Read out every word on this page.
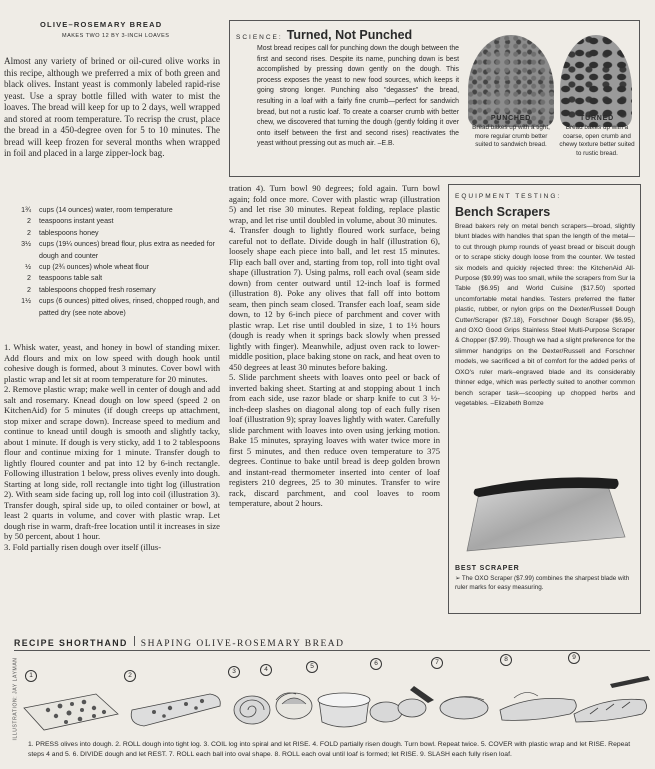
OLIVE–ROSEMARY BREAD
MAKES TWO 12 BY 3-INCH LOAVES

Almost any variety of brined or oil-cured olive works in this recipe, although we preferred a mix of both green and black olives. Instant yeast is commonly labeled rapid-rise yeast. Use a spray bottle filled with water to mist the loaves. The bread will keep for up to 2 days, well wrapped and stored at room temperature. To recrisp the crust, place the bread in a 450-degree oven for 5 to 10 minutes. The bread will keep frozen for several months when wrapped in foil and placed in a large zipper-lock bag.

1¾	cups (14 ounces) water, room temperature
2	teaspoons instant yeast
2	tablespoons honey
3½	cups (19¼ ounces) bread flour, plus extra as needed for dough and counter
½	cup (2¾ ounces) whole wheat flour
2	teaspoons table salt
2	tablespoons chopped fresh rosemary
1½	cups (6 ounces) pitted olives, rinsed, chopped rough, and patted dry (see note above)

1. Whisk water, yeast, and honey in bowl of standing mixer. Add flours and mix on low speed with dough hook until cohesive dough is formed, about 3 minutes. Cover bowl with plastic wrap and let sit at room temperature for 20 minutes.
2. Remove plastic wrap; make well in center of dough and add salt and rosemary. Knead dough on low speed (speed 2 on KitchenAid) for 5 minutes (if dough creeps up attachment, stop mixer and scrape down). Increase speed to medium and continue to knead until dough is smooth and slightly tacky, about 1 minute. If dough is very sticky, add 1 to 2 tablespoons flour and continue mixing for 1 minute. Transfer dough to lightly floured counter and pat into 12 by 6-inch rectangle. Following illustration 1 below, press olives evenly into dough. Starting at long side, roll rectangle into tight log (illustration 2). With seam side facing up, roll log into coil (illustration 3). Transfer dough, spiral side up, to oiled container or bowl, at least 2 quarts in volume, and cover with plastic wrap. Let dough rise in warm, draft-free location until it increases in size by 50 percent, about 1 hour.
3. Fold partially risen dough over itself (illus-

tration 4). Turn bowl 90 degrees; fold again. Turn bowl again; fold once more. Cover with plastic wrap (illustration 5) and let rise 30 minutes. Repeat folding, replace plastic wrap, and let rise until doubled in volume, about 30 minutes.
4. Transfer dough to lightly floured work surface, being careful not to deflate. Divide dough in half (illustration 6), loosely shape each piece into ball, and let rest 15 minutes. Flip each ball over and, starting from top, roll into tight oval shape (illustration 7). Using palms, roll each oval (seam side down) from center outward until 12-inch loaf is formed (illustration 8). Poke any olives that fall off into bottom seam, then pinch seam closed. Transfer each loaf, seam side down, to 12 by 6-inch piece of parchment and cover with plastic wrap. Let rise until doubled in size, 1 to 1½ hours (dough is ready when it springs back slowly when pressed lightly with finger). Meanwhile, adjust oven rack to lower-middle position, place baking stone on rack, and heat oven to 450 degrees at least 30 minutes before baking.
5. Slide parchment sheets with loaves onto peel or back of inverted baking sheet. Starting at and stopping about 1 inch from each side, use razor blade or sharp knife to cut 3 ½-inch-deep slashes on diagonal along top of each fully risen loaf (illustration 9); spray loaves lightly with water. Carefully slide parchment with loaves into oven using jerking motion. Bake 15 minutes, spraying loaves with water twice more in first 5 minutes, and then reduce oven temperature to 375 degrees. Continue to bake until bread is deep golden brown and instant-read thermometer inserted into center of loaf registers 210 degrees, 25 to 30 minutes. Transfer to wire rack, discard parchment, and cool loaves to room temperature, about 2 hours.

SCIENCE: Turned, Not Punched

Most bread recipes call for punching down the dough between the first and second rises. Despite its name, punching down is best accomplished by pressing down gently on the dough. This process exposes the yeast to new food sources, which keeps it going strong longer. Punching also "degasses" the bread, resulting in a loaf with a fairly fine crumb—perfect for sandwich bread, but not a rustic loaf. To create a coarser crumb with better chew, we discovered that turning the dough (gently folding it over onto itself between the first and second rises) reactivates the yeast without pressing out as much air. –E.B.

PUNCHED
Bread bakes up with a tight, more regular crumb better suited to sandwich bread.
TURNED
Bread bakes up with a coarse, open crumb and chewy texture better suited to rustic bread.
EQUIPMENT TESTING:
Bench Scrapers

Bread bakers rely on metal bench scrapers—broad, slightly blunt blades with handles that span the length of the metal—to cut through plump rounds of yeast bread or biscuit dough or to scrape sticky dough loose from the counter. We tested six models and quickly rejected three: the KitchenAid All-Purpose ($9.99) was too small, while the scrapers from Sur la Table ($6.95) and World Cuisine ($17.50) sported uncomfortable metal handles. Testers preferred the flatter plastic, rubber, or nylon grips on the Dexter/Russell Dough Cutter/Scraper ($7.18), Forschner Dough Scraper ($6.95), and OXO Good Grips Stainless Steel Multi-Purpose Scraper & Chopper ($7.99). Though we had a slight preference for the slimmer handgrips on the Dexter/Russell and Forschner models, we sacrificed a bit of comfort for the added perks of OXO's ruler mark–engraved blade and its considerably thinner edge, which was perfectly suited to another common bench scraper task—scooping up chopped herbs and vegetables. –Elizabeth Bomze

BEST SCRAPER
➢ The OXO Scraper ($7.99) combines the sharpest blade with ruler marks for easy measuring.
RECIPE SHORTHAND SHAPING OLIVE-ROSEMARY BREAD
1	2
3	4	5	6	7	8	9

1. PRESS olives into dough. 2. ROLL dough into tight log. 3. COIL log into spiral and let RISE. 4. FOLD partially risen dough. Turn bowl. Repeat twice. 5. COVER with plastic wrap and let RISE. Repeat steps 4 and 5. 6. DIVIDE dough and let REST. 7. ROLL each ball into oval shape. 8. ROLL each oval until loaf is formed; let RISE. 9. SLASH each fully risen loaf.

ILLUSTRATION: JAY LAYMAN
